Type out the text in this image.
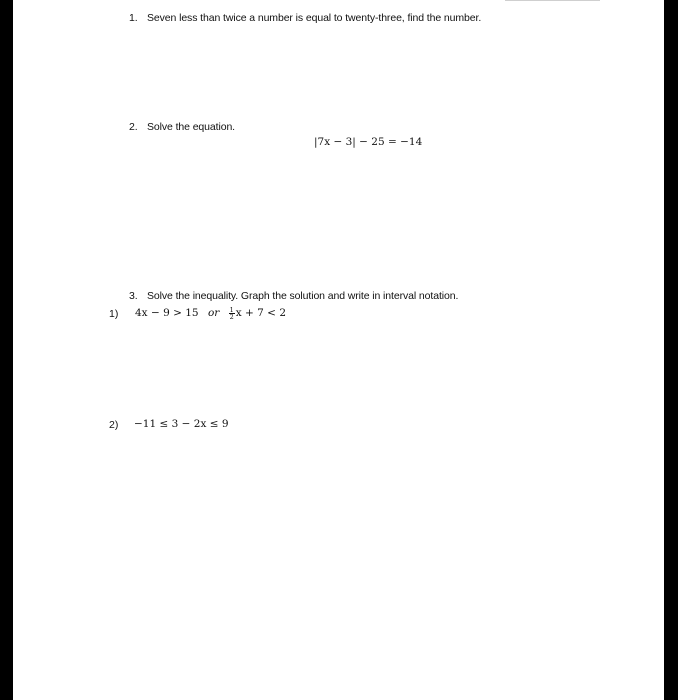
1. Seven less than twice a number is equal to twenty-three, find the number.
2. Solve the equation.
|7x − 3| − 25 = −14
3. Solve the inequality. Graph the solution and write in interval notation.
1) 4x − 9 > 15 or $\frac{1}{2}$ x + 7 < 2
2) −11 ≤ 3 − 2x ≤ 9
